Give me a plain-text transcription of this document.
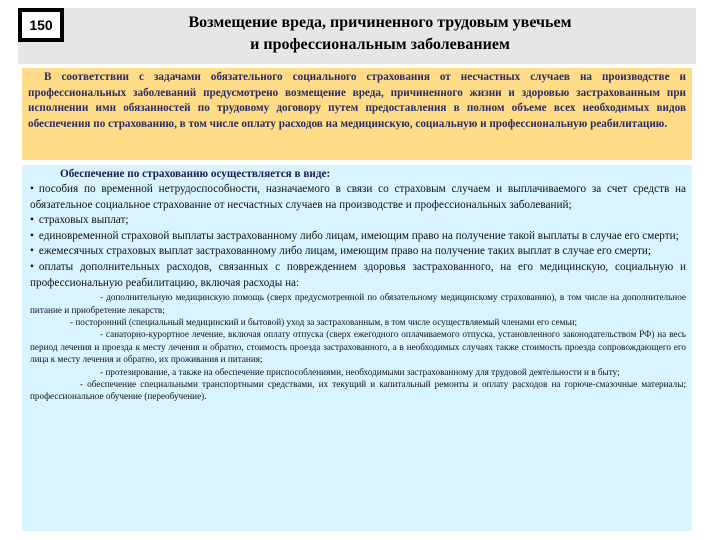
150	Возмещение вреда, причиненного трудовым увечьем
и профессиональным заболеванием

В соответствии с задачами обязательного социального страхования от несчастных случаев на производстве и профессиональных заболеваний предусмотрено возмещение вреда, причиненного жизни и здоровью застрахованным при исполнении ими обязанностей по трудовому договору путем предоставления в полном объеме всех необходимых видов обеспечения по страхованию, в том числе оплату расходов на медицинскую, социальную и профессиональную реабилитацию.

Обеспечение по страхованию осуществляется в виде:

• пособия по временной нетрудоспособности, назначаемого в связи со страховым случаем и выплачиваемого за счет средств на обязательное социальное страхование от несчастных случаев на производстве и профессиональных заболеваний;

• страховых выплат;

• единовременной страховой выплаты застрахованному либо лицам, имеющим право на получение такой выплаты в случае его смерти;

• ежемесячных страховых выплат застрахованному либо лицам, имеющим право на получение таких выплат в случае его смерти;

• оплаты дополнительных расходов, связанных с повреждением здоровья застрахованного, на его медицинскую, социальную и профессиональную реабилитацию, включая расходы на:

- дополнительную медицинскую помощь (сверх предусмотренной по обязательному медицинскому страхованию), в том числе на дополнительное питание и приобретение лекарств;

- посторонний (специальный медицинский и бытовой) уход за застрахованным, в том числе осуществляемый членами его семьи;

- санаторно-курортное лечение, включая оплату отпуска (сверх ежегодного оплачиваемого отпуска, установленного законодательством РФ) на весь период лечения и проезда к месту лечения и обратно, стоимость проезда застрахованного, а в необходимых случаях также стоимость проезда сопровождающего его лица к месту лечения и обратно, их проживания и питания;

- протезирование, а также на обеспечение приспособлениями, необходимыми застрахованному для трудовой деятельности и в быту;

- обеспечение специальными транспортными средствами, их текущий и капитальный ремонты и оплату расходов на горюче-смазочные материалы; профессиональное обучение (переобучение).
